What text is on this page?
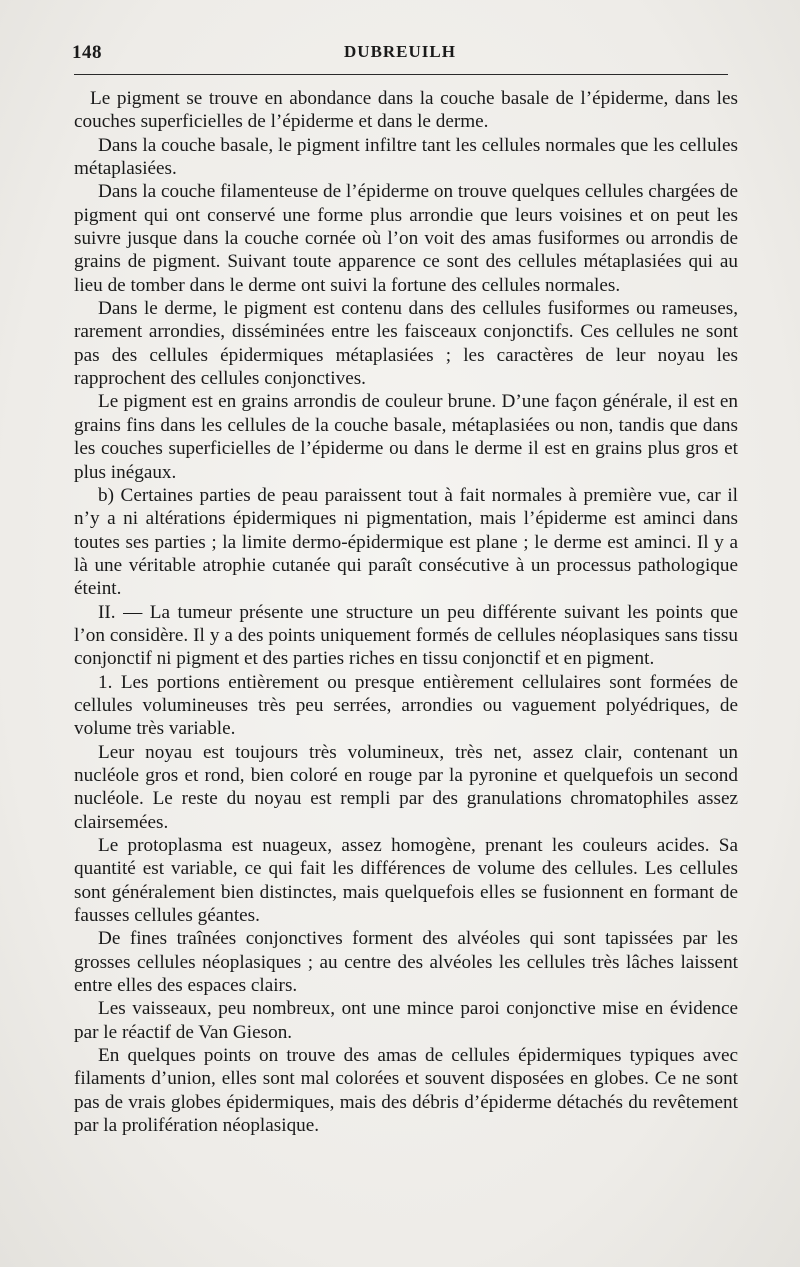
148	DUBREUILH

Le pigment se trouve en abondance dans la couche basale de l’épiderme, dans les couches superficielles de l’épiderme et dans le derme.

Dans la couche basale, le pigment infiltre tant les cellules normales que les cellules métaplasiées.

Dans la couche filamenteuse de l’épiderme on trouve quelques cellules chargées de pigment qui ont conservé une forme plus arrondie que leurs voisines et on peut les suivre jusque dans la couche cornée où l’on voit des amas fusiformes ou arrondis de grains de pigment. Suivant toute apparence ce sont des cellules métaplasiées qui au lieu de tomber dans le derme ont suivi la fortune des cellules normales.

Dans le derme, le pigment est contenu dans des cellules fusiformes ou rameuses, rarement arrondies, disséminées entre les faisceaux conjonctifs. Ces cellules ne sont pas des cellules épidermiques métaplasiées ; les caractères de leur noyau les rapprochent des cellules conjonctives.

Le pigment est en grains arrondis de couleur brune. D’une façon générale, il est en grains fins dans les cellules de la couche basale, métaplasiées ou non, tandis que dans les couches superficielles de l’épiderme ou dans le derme il est en grains plus gros et plus inégaux.

b) Certaines parties de peau paraissent tout à fait normales à première vue, car il n’y a ni altérations épidermiques ni pigmentation, mais l’épiderme est aminci dans toutes ses parties ; la limite dermo-épidermique est plane ; le derme est aminci. Il y a là une véritable atrophie cutanée qui paraît consécutive à un processus pathologique éteint.

II. — La tumeur présente une structure un peu différente suivant les points que l’on considère. Il y a des points uniquement formés de cellules néoplasiques sans tissu conjonctif ni pigment et des parties riches en tissu conjonctif et en pigment.

1. Les portions entièrement ou presque entièrement cellulaires sont formées de cellules volumineuses très peu serrées, arrondies ou vaguement polyédriques, de volume très variable.

Leur noyau est toujours très volumineux, très net, assez clair, contenant un nucléole gros et rond, bien coloré en rouge par la pyronine et quelquefois un second nucléole. Le reste du noyau est rempli par des granulations chromatophiles assez clairsemées.

Le protoplasma est nuageux, assez homogène, prenant les couleurs acides. Sa quantité est variable, ce qui fait les différences de volume des cellules. Les cellules sont généralement bien distinctes, mais quelquefois elles se fusionnent en formant de fausses cellules géantes.

De fines traînées conjonctives forment des alvéoles qui sont tapissées par les grosses cellules néoplasiques ; au centre des alvéoles les cellules très lâches laissent entre elles des espaces clairs.

Les vaisseaux, peu nombreux, ont une mince paroi conjonctive mise en évidence par le réactif de Van Gieson.

En quelques points on trouve des amas de cellules épidermiques typiques avec filaments d’union, elles sont mal colorées et souvent disposées en globes. Ce ne sont pas de vrais globes épidermiques, mais des débris d’épiderme détachés du revêtement par la prolifération néoplasique.
